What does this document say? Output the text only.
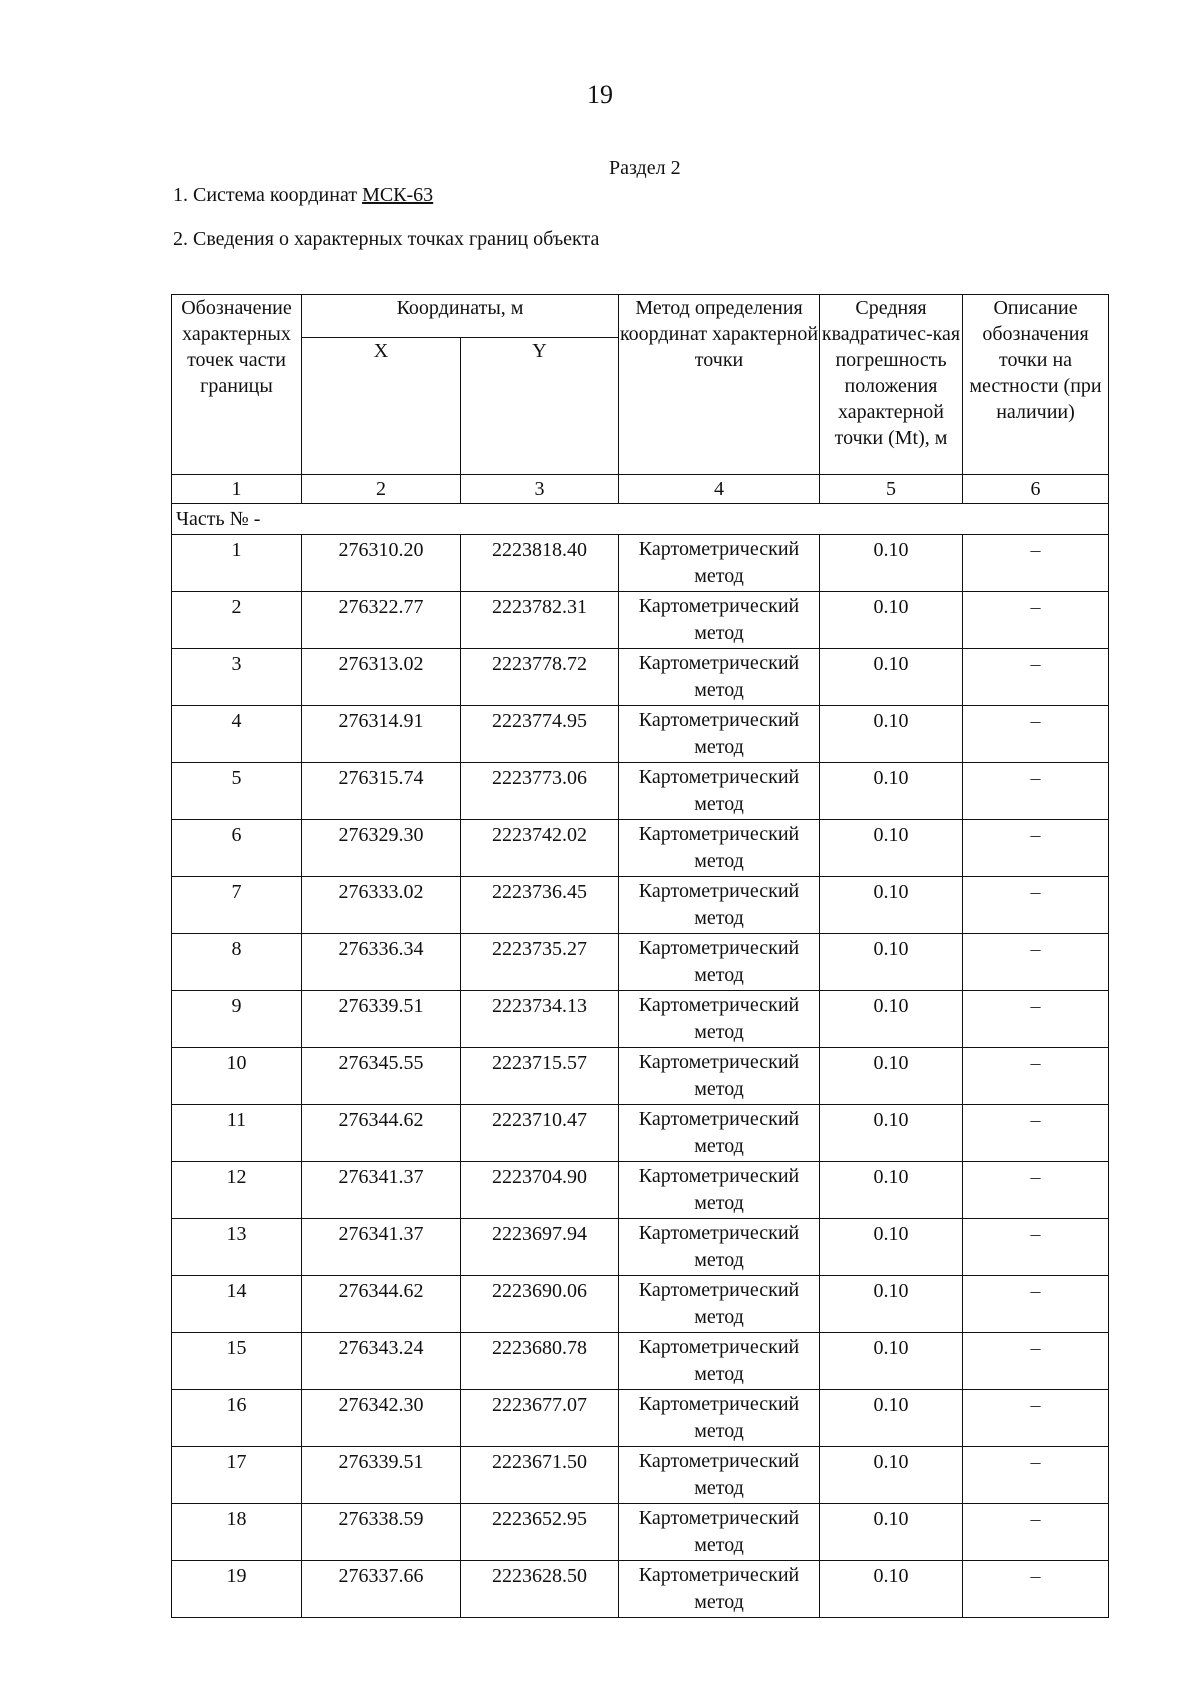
19
Раздел 2
1. Система координат МСК-63
2. Сведения о характерных точках границ объекта
Обозначение характерных точек части границы	Координаты, м		Метод определения координат характерной точки	Средняя квадратичес-кая погрешность положения характерной точки (Mt), м	Описание обозначения точки на местности (при наличии)
	X	Y			
1	2	3	4	5	6
Часть № -					
1	276310.20	2223818.40	Картометрический метод	0.10	–
2	276322.77	2223782.31	Картометрический метод	0.10	–
3	276313.02	2223778.72	Картометрический метод	0.10	–
4	276314.91	2223774.95	Картометрический метод	0.10	–
5	276315.74	2223773.06	Картометрический метод	0.10	–
6	276329.30	2223742.02	Картометрический метод	0.10	–
7	276333.02	2223736.45	Картометрический метод	0.10	–
8	276336.34	2223735.27	Картометрический метод	0.10	–
9	276339.51	2223734.13	Картометрический метод	0.10	–
10	276345.55	2223715.57	Картометрический метод	0.10	–
11	276344.62	2223710.47	Картометрический метод	0.10	–
12	276341.37	2223704.90	Картометрический метод	0.10	–
13	276341.37	2223697.94	Картометрический метод	0.10	–
14	276344.62	2223690.06	Картометрический метод	0.10	–
15	276343.24	2223680.78	Картометрический метод	0.10	–
16	276342.30	2223677.07	Картометрический метод	0.10	–
17	276339.51	2223671.50	Картометрический метод	0.10	–
18	276338.59	2223652.95	Картометрический метод	0.10	–
19	276337.66	2223628.50	Картометрический метод	0.10	–
